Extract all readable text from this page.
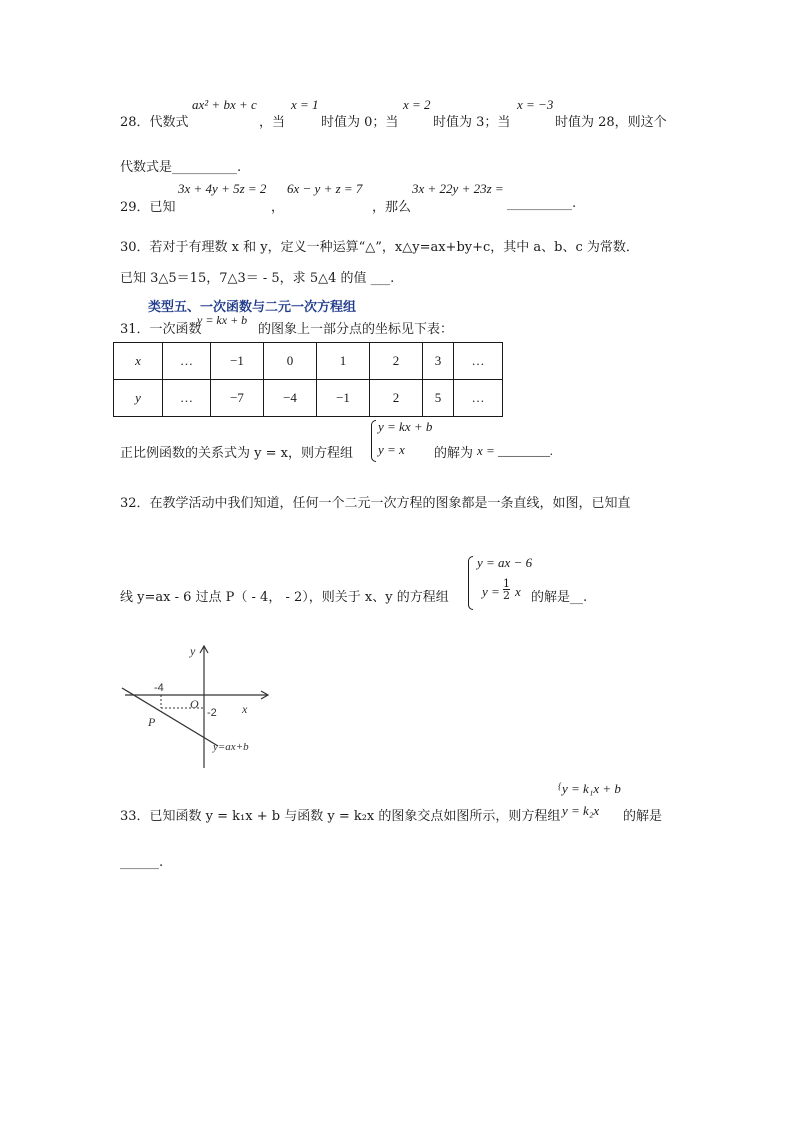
28．代数式
ax² + bx + c
，当
x = 1
时值为 0；当
x = 2
时值为 3；当
x = −3
时值为 28，则这个
代数式是__________.
29．已知
3x + 4y + 5z = 2
，
6x − y + z = 7
，那么
3x + 22y + 23z =
__________.
30．若对于有理数 x 和 y，定义一种运算“△”，x△y=ax+by+c，其中 a、b、c 为常数．
已知 3△5＝15，7△3＝ - 5，求 5△4 的值 ___.
类型五、一次函数与二元一次方程组
31．一次函数
y = kx + b
的图象上一部分点的坐标见下表：
x	…	−1	0	1	2	3	…
y	…	−7	−4	−1	2	5	…
正比例函数的关系式为 y = x，则方程组
y = kx + b
y = x 的解为 x = ________.
32．在教学活动中我们知道，任何一个二元一次方程的图象都是一条直线，如图，已知直
线 y=ax - 6 过点 P（ - 4， - 2），则关于 x、y 的方程组
y = ax − 6
$y = \frac{1}{2}$ x 的解是__.
y
x
O
-4
-2
P
y=ax+b
33．已知函数 y = k₁x + b 与函数 y = k₂x 的图象交点如图所示，则方程组
{ y = k₁x + b
y = k₂x 的解是
______.
